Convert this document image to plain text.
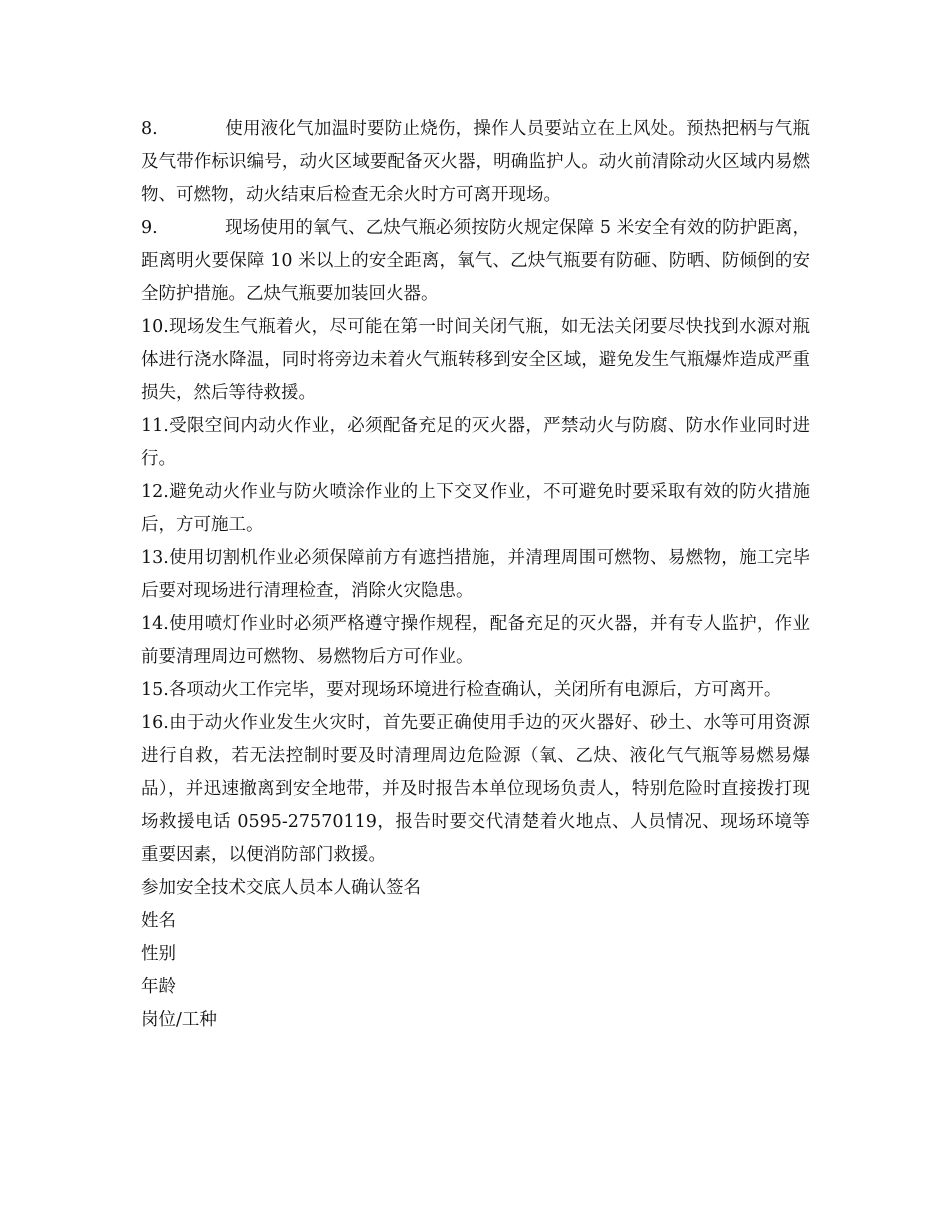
8.	使用液化气加温时要防止烧伤，操作人员要站立在上风处。预热把柄与气瓶及气带作标识编号，动火区域要配备灭火器，明确监护人。动火前清除动火区域内易燃物、可燃物，动火结束后检查无余火时方可离开现场。

9.	现场使用的氧气、乙炔气瓶必须按防火规定保障 5 米安全有效的防护距离，距离明火要保障 10 米以上的安全距离，氧气、乙炔气瓶要有防砸、防晒、防倾倒的安全防护措施。乙炔气瓶要加装回火器。

10.现场发生气瓶着火，尽可能在第一时间关闭气瓶，如无法关闭要尽快找到水源对瓶体进行浇水降温，同时将旁边未着火气瓶转移到安全区域，避免发生气瓶爆炸造成严重损失，然后等待救援。

11.受限空间内动火作业，必须配备充足的灭火器，严禁动火与防腐、防水作业同时进行。

12.避免动火作业与防火喷涂作业的上下交叉作业，不可避免时要采取有效的防火措施后，方可施工。

13.使用切割机作业必须保障前方有遮挡措施，并清理周围可燃物、易燃物，施工完毕后要对现场进行清理检查，消除火灾隐患。

14.使用喷灯作业时必须严格遵守操作规程，配备充足的灭火器，并有专人监护，作业前要清理周边可燃物、易燃物后方可作业。

15.各项动火工作完毕，要对现场环境进行检查确认，关闭所有电源后，方可离开。

16.由于动火作业发生火灾时，首先要正确使用手边的灭火器好、砂土、水等可用资源进行自救，若无法控制时要及时清理周边危险源（氧、乙炔、液化气气瓶等易燃易爆品），并迅速撤离到安全地带，并及时报告本单位现场负责人，特别危险时直接拨打现场救援电话 0595-27570119，报告时要交代清楚着火地点、人员情况、现场环境等重要因素，以便消防部门救援。

参加安全技术交底人员本人确认签名

姓名

性别

年龄

岗位/工种
